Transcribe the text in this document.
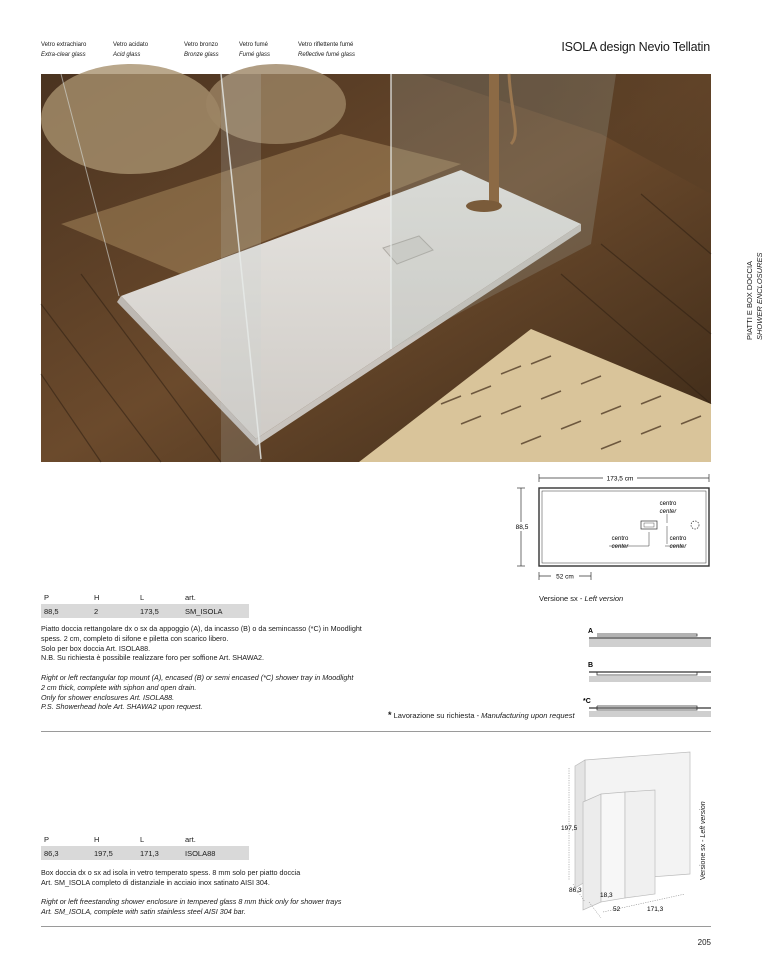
Vetro extrachiaro
Extra-clear glass
Vetro acidato
Acid glass
Vetro bronzo
Bronze glass
Vetro fumé
Fumé glass
Vetro riflettente fumé
Reflective fumé glass
ISOLA design Nevio Tellatin
PIATTI E BOX DOCCIA SHOWER ENCLOSURES
173,5 cm
88,5
52 cm
centro
center
centro
center
centro
center
Versione sx - Left version
P	H	L	art.
88,5	2	173,5	SM_ISOLA

Piatto doccia rettangolare dx o sx da appoggio (A), da incasso (B) o da semincasso (*C) in Moodlight

spess. 2 cm, completo di sifone e piletta con scarico libero.

Solo per box doccia Art. ISOLA88.

N.B. Su richiesta è possibile realizzare foro per soffione Art. SHAWA2.

Right or left rectangular top mount (A), encased (B) or semi encased (*C) shower tray in Moodlight

2 cm thick, complete with siphon and open drain.

Only for shower enclosures Art. ISOLA88.

P.S. Showerhead hole Art. SHAWA2 upon request.

A
B
*C
* Lavorazione su richiesta - Manufacturing upon request
197,5
86,3
18,3
52	171,3
Versione sx - Left version
P	H	L	art.
86,3	197,5	171,3	ISOLA88

Box doccia dx o sx ad isola in vetro temperato spess. 8 mm solo per piatto doccia

Art. SM_ISOLA completo di distanziale in acciaio inox satinato AISI 304.

Right or left freestanding shower enclosure in tempered glass 8 mm thick only for shower trays

Art. SM_ISOLA, complete with satin stainless steel AISI 304 bar.

205
